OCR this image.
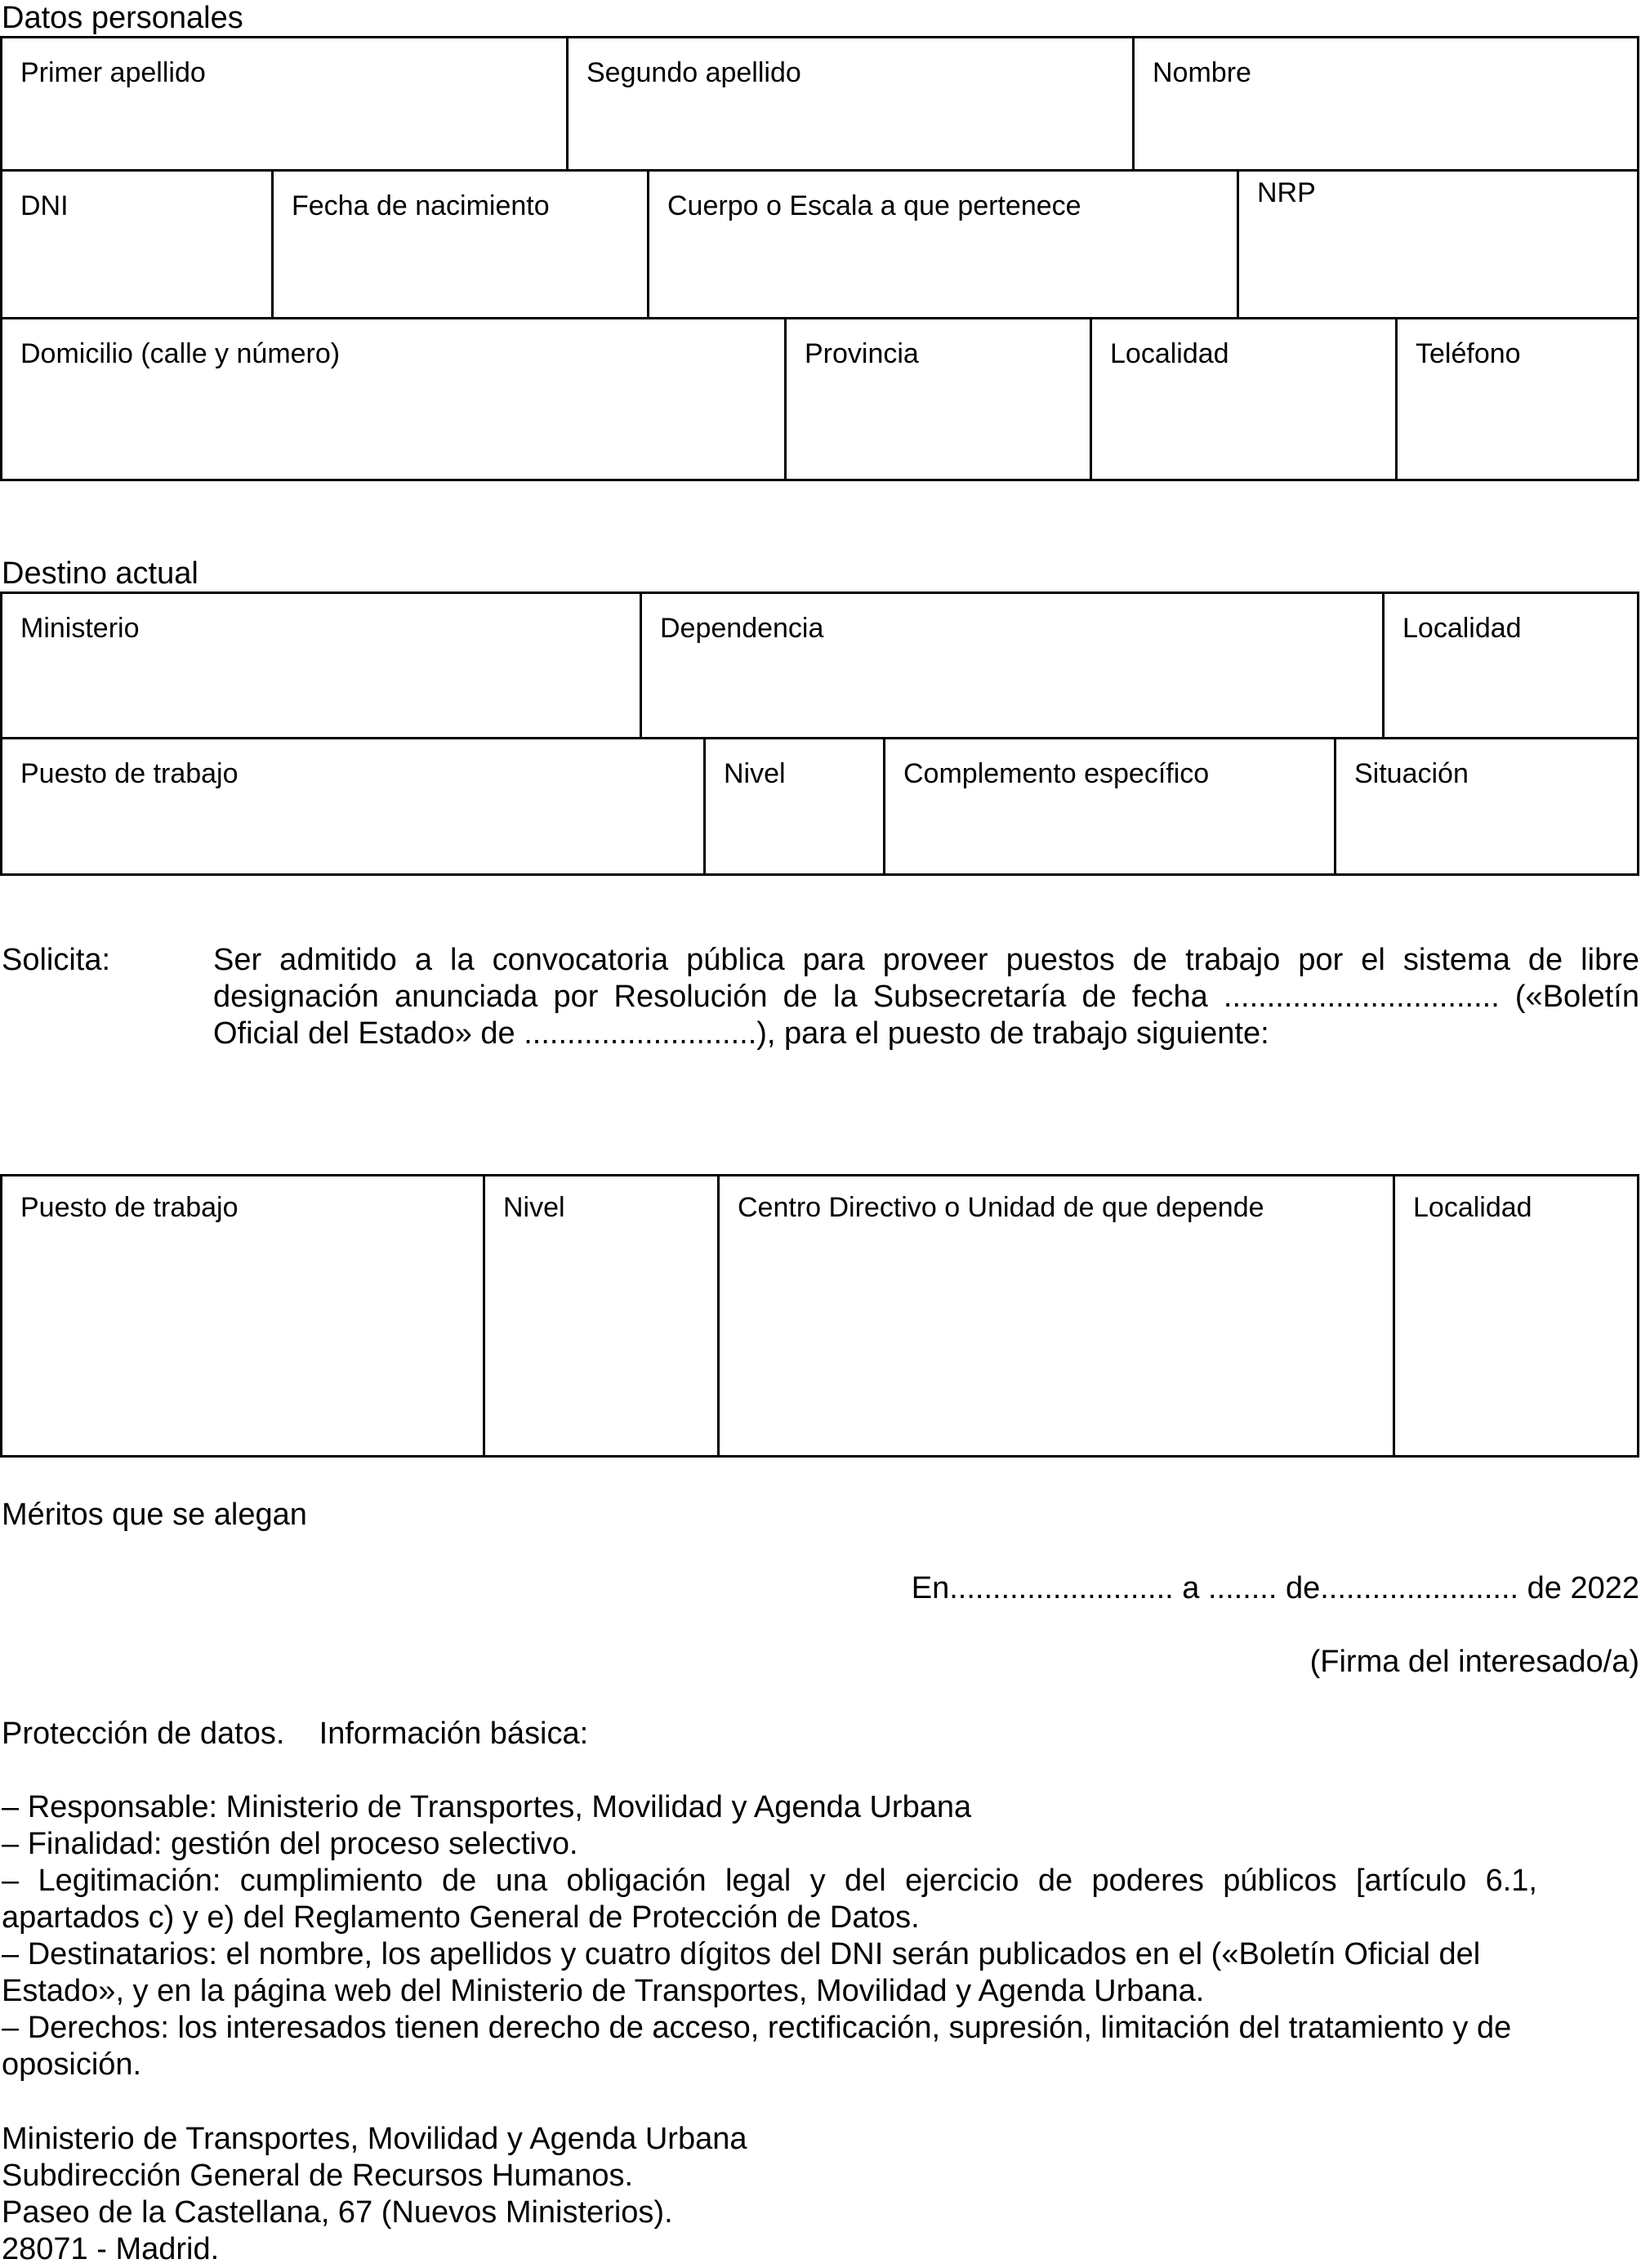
Datos personales
Primer apellido	Segundo apellido	Nombre
DNI	Fecha de nacimiento	Cuerpo o Escala a que pertenece	NRP
Domicilio (calle y número)	Provincia	Localidad	Teléfono
Destino actual
Ministerio	Dependencia	Localidad
Puesto de trabajo	Nivel	Complemento específico	Situación
Solicita:	Ser admitido a la convocatoria pública para proveer puestos de trabajo por el sistema de libre designación anunciada por Resolución de la Subsecretaría de fecha ................................ («Boletín Oficial del Estado» de ...........................), para el puesto de trabajo siguiente:
Puesto de trabajo	Nivel	Centro Directivo o Unidad de que depende	Localidad
Méritos que se alegan
En.......................... a ........ de....................... de 2022
(Firma del interesado/a)
Protección de datos.    Información básica:
– Responsable: Ministerio de Transportes, Movilidad y Agenda Urbana
– Finalidad: gestión del proceso selectivo.
– Legitimación: cumplimiento de una obligación legal y del ejercicio de poderes públicos [artículo 6.1, apartados c) y e) del Reglamento General de Protección de Datos.
– Destinatarios: el nombre, los apellidos y cuatro dígitos del DNI serán publicados en el («Boletín Oficial del Estado», y en la página web del Ministerio de Transportes, Movilidad y Agenda Urbana.
– Derechos: los interesados tienen derecho de acceso, rectificación, supresión, limitación del tratamiento y de oposición.
Ministerio de Transportes, Movilidad y Agenda Urbana
Subdirección General de Recursos Humanos.
Paseo de la Castellana, 67 (Nuevos Ministerios).
28071 - Madrid.
